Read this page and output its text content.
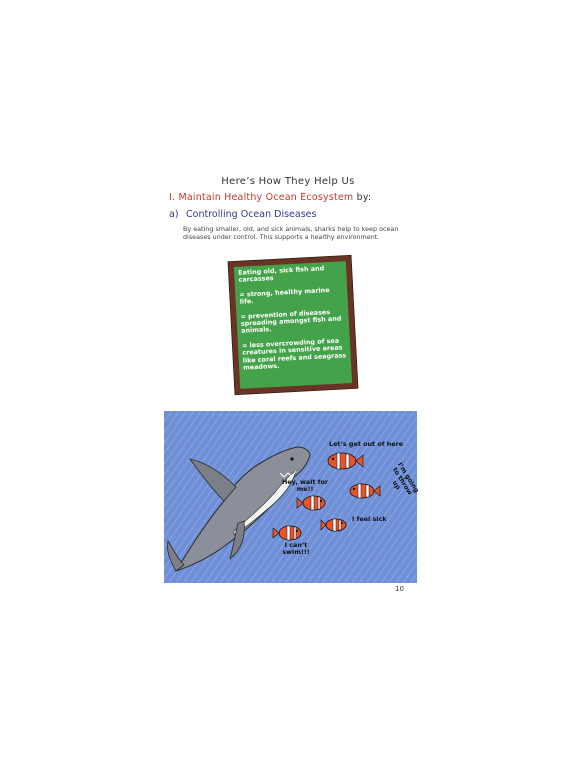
Here’s How They Help Us
I. Maintain Healthy Ocean Ecosystem by:
a) Controlling Ocean Diseases
By eating smaller, old, and sick animals, sharks help to keep ocean diseases under control. This supports a healthy environment.

Eating old, sick fish and carcasses

= strong, healthy marine life.

= prevention of diseases spreading amongst fish and animals.

= less overcrowding of sea creatures in sensitive areas like coral reefs and seagrass meadows.

Let’s get out of here
Hey, wait for me!!	I’m going to throw up
I feel sick
I can’t swim!!!
10
